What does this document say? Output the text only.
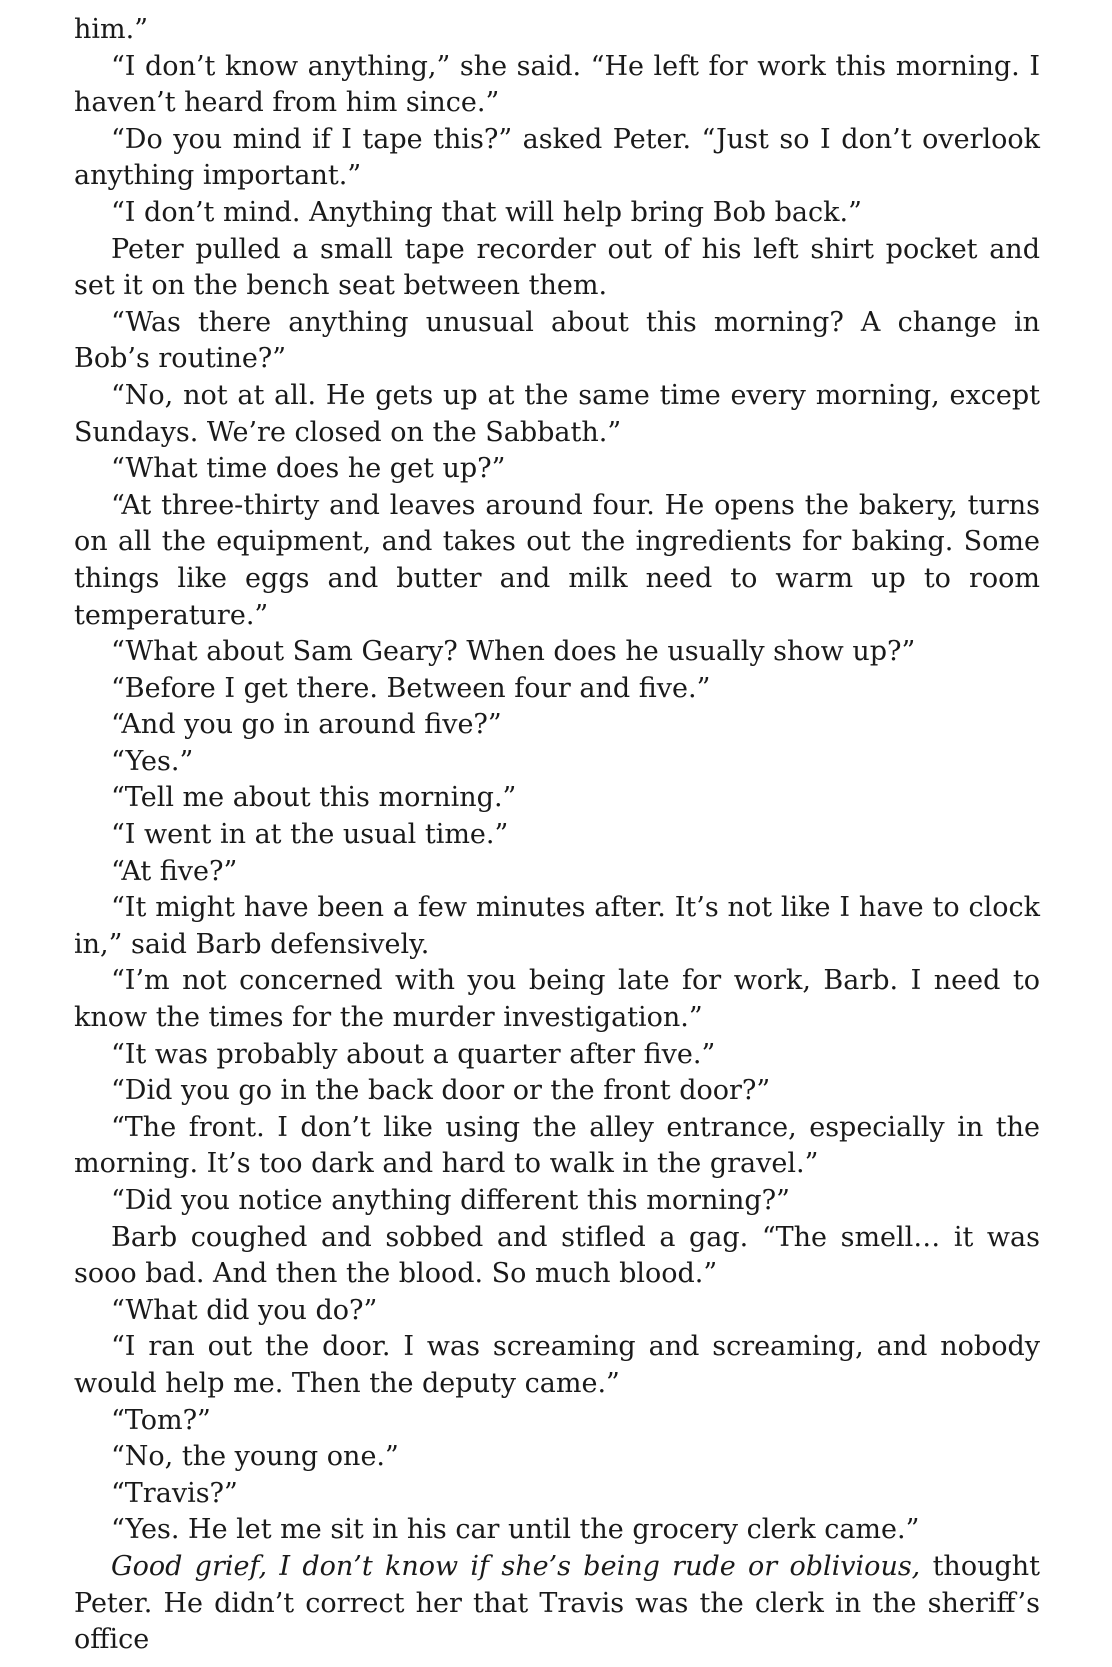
him.”

“I don’t know anything,” she said. “He left for work this morning. I haven’t heard from him since.”

“Do you mind if I tape this?” asked Peter. “Just so I don’t overlook anything important.”

“I don’t mind. Anything that will help bring Bob back.”

Peter pulled a small tape recorder out of his left shirt pocket and set it on the bench seat between them.

“Was there anything unusual about this morning? A change in Bob’s routine?”

“No, not at all. He gets up at the same time every morning, except Sundays. We’re closed on the Sabbath.”

“What time does he get up?”

“At three-thirty and leaves around four. He opens the bakery, turns on all the equipment, and takes out the ingredients for baking. Some things like eggs and butter and milk need to warm up to room temperature.”

“What about Sam Geary? When does he usually show up?”

“Before I get there. Between four and five.”

“And you go in around five?”

“Yes.”

“Tell me about this morning.”

“I went in at the usual time.”

“At five?”

“It might have been a few minutes after. It’s not like I have to clock in,” said Barb defensively.

“I’m not concerned with you being late for work, Barb. I need to know the times for the murder investigation.”

“It was probably about a quarter after five.”

“Did you go in the back door or the front door?”

“The front. I don’t like using the alley entrance, especially in the morning. It’s too dark and hard to walk in the gravel.”

“Did you notice anything different this morning?”

Barb coughed and sobbed and stifled a gag. “The smell… it was sooo bad. And then the blood. So much blood.”

“What did you do?”

“I ran out the door. I was screaming and screaming, and nobody would help me. Then the deputy came.”

“Tom?”

“No, the young one.”

“Travis?”

“Yes. He let me sit in his car until the grocery clerk came.”

Good grief, I don’t know if she’s being rude or oblivious, thought Peter. He didn’t correct her that Travis was the clerk in the sheriff’s office
